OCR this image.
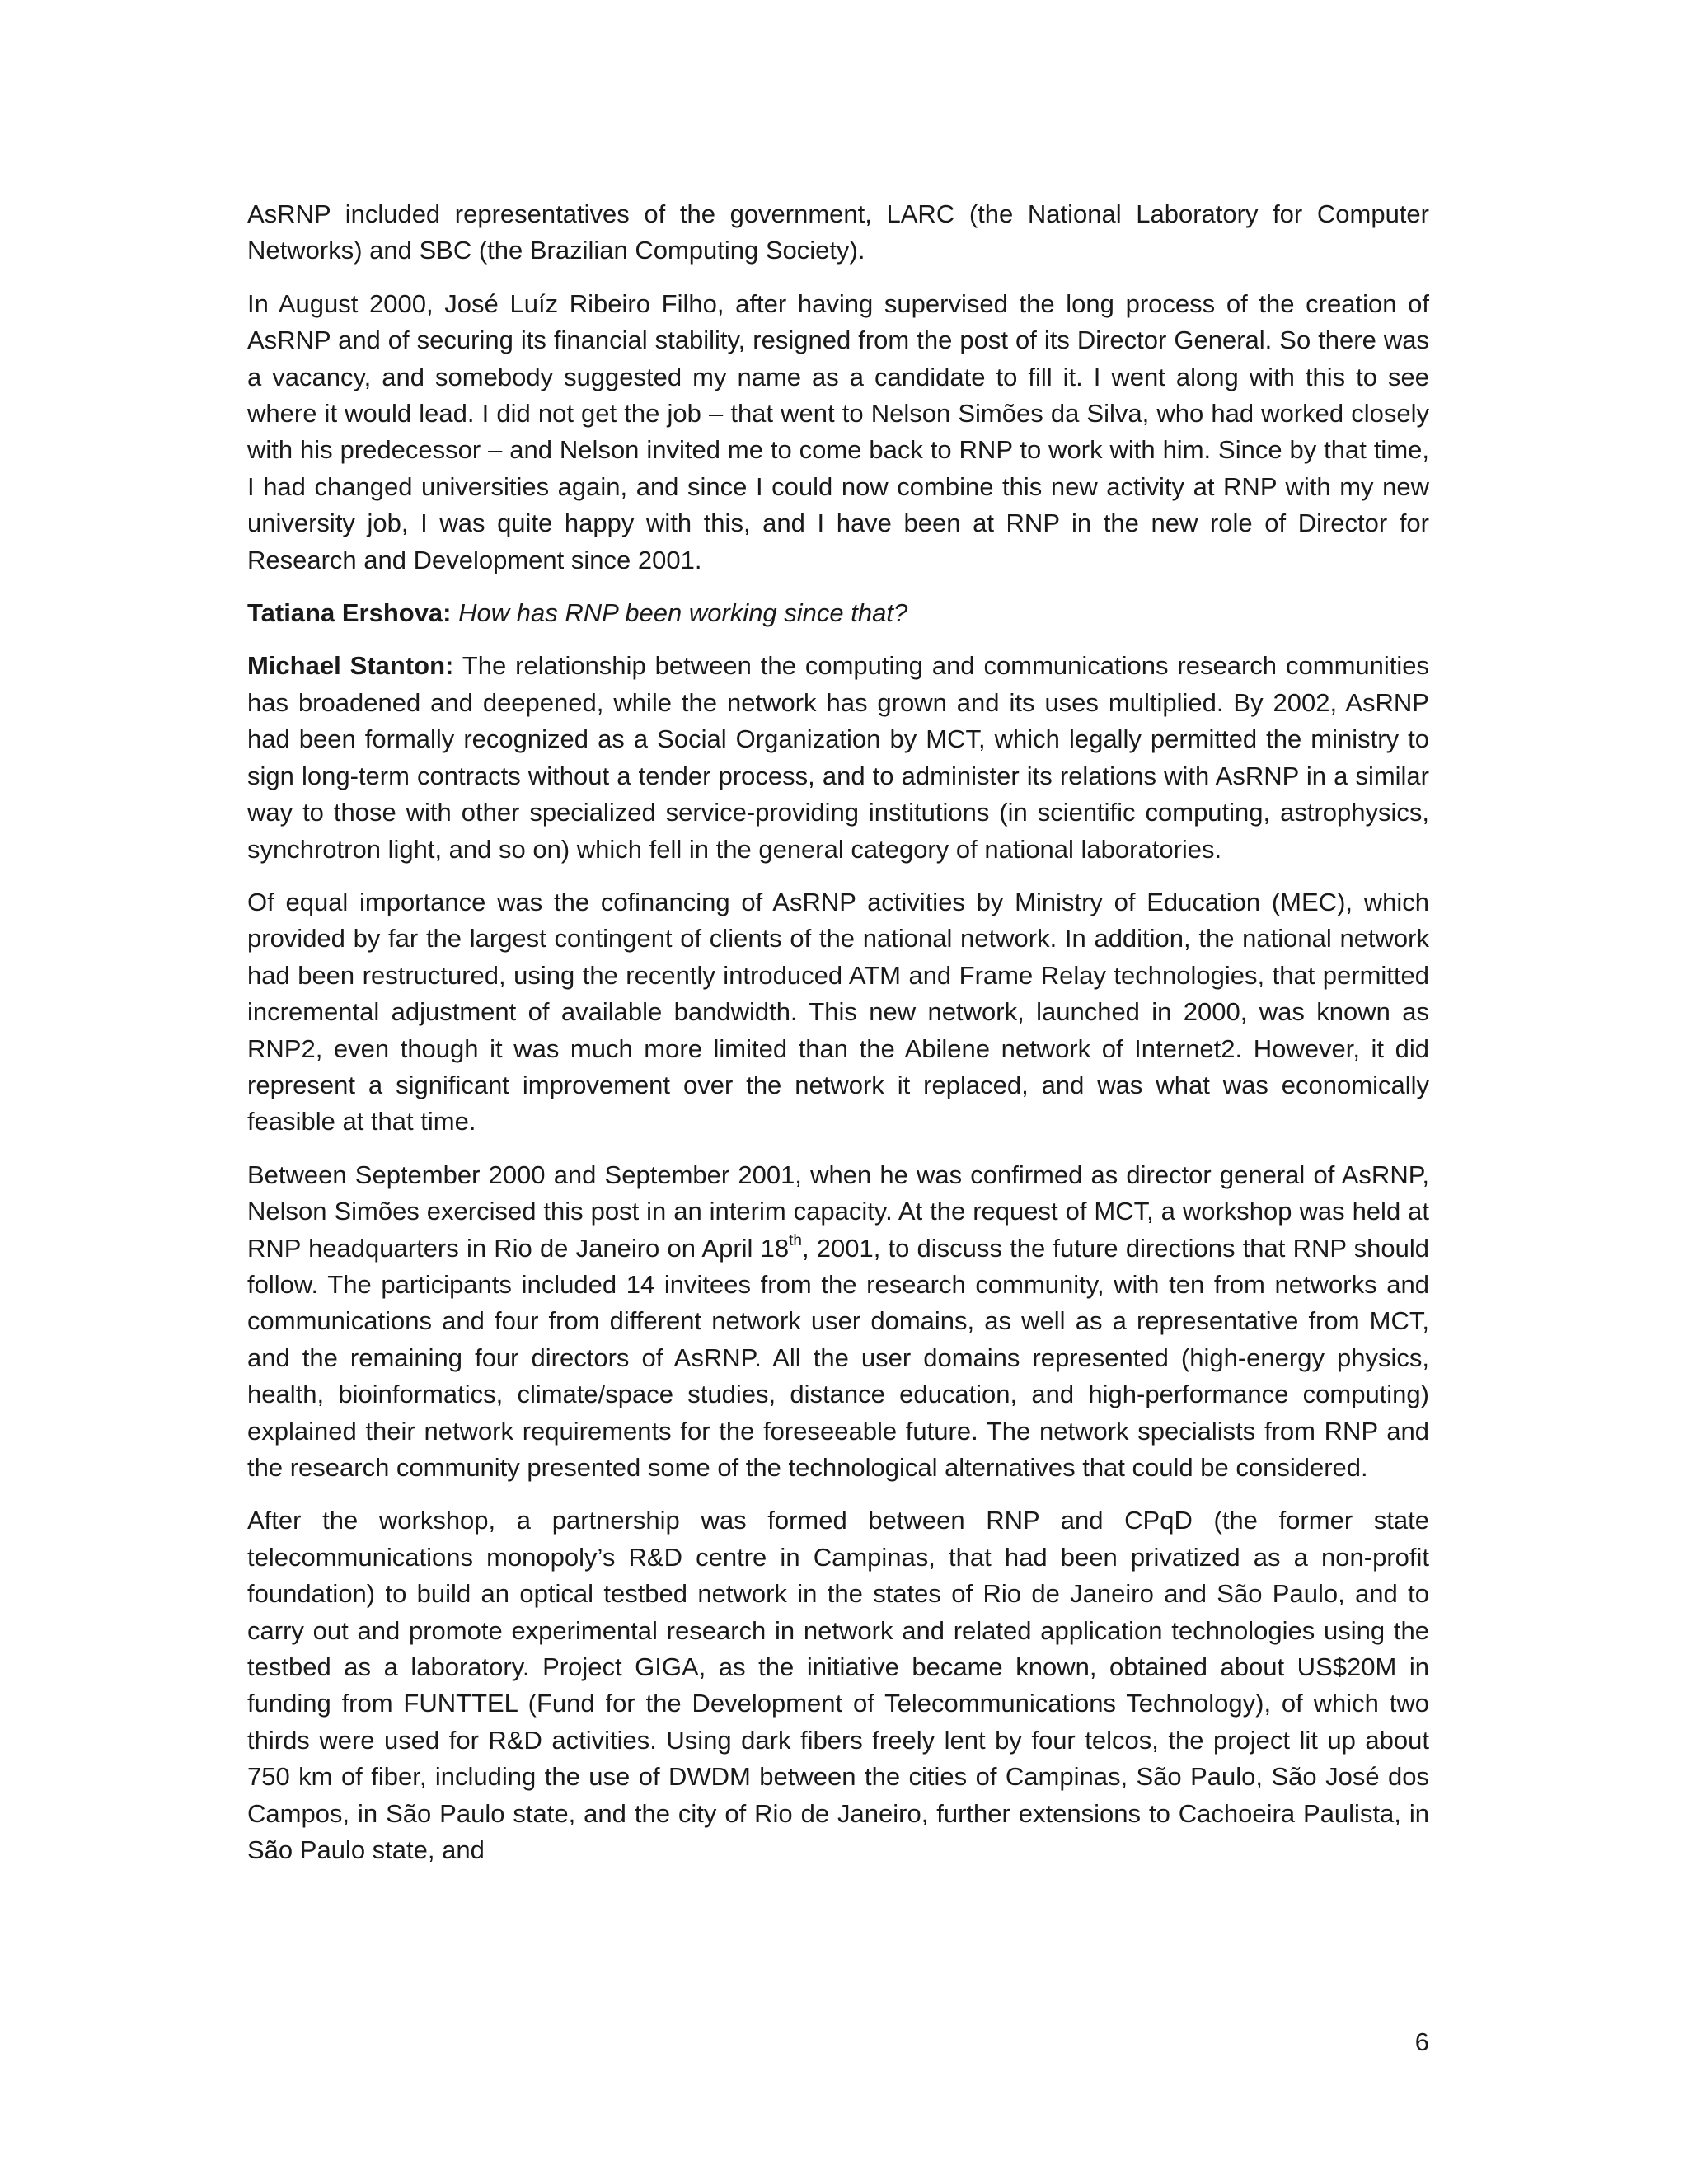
AsRNP included representatives of the government, LARC (the National Laboratory for Computer Networks) and SBC (the Brazilian Computing Society).

In August 2000, José Luíz Ribeiro Filho, after having supervised the long process of the creation of AsRNP and of securing its financial stability, resigned from the post of its Director General. So there was a vacancy, and somebody suggested my name as a candidate to fill it. I went along with this to see where it would lead. I did not get the job – that went to Nelson Simões da Silva, who had worked closely with his predecessor – and Nelson invited me to come back to RNP to work with him. Since by that time, I had changed universities again, and since I could now combine this new activity at RNP with my new university job, I was quite happy with this, and I have been at RNP in the new role of Director for Research and Development since 2001.

Tatiana Ershova: How has RNP been working since that?

Michael Stanton: The relationship between the computing and communications research communities has broadened and deepened, while the network has grown and its uses multiplied. By 2002, AsRNP had been formally recognized as a Social Organization by MCT, which legally permitted the ministry to sign long-term contracts without a tender process, and to administer its relations with AsRNP in a similar way to those with other specialized service-providing institutions (in scientific computing, astrophysics, synchrotron light, and so on) which fell in the general category of national laboratories.

Of equal importance was the cofinancing of AsRNP activities by Ministry of Education (MEC), which provided by far the largest contingent of clients of the national network. In addition, the national network had been restructured, using the recently introduced ATM and Frame Relay technologies, that permitted incremental adjustment of available bandwidth. This new network, launched in 2000, was known as RNP2, even though it was much more limited than the Abilene network of Internet2. However, it did represent a significant improvement over the network it replaced, and was what was economically feasible at that time.

Between September 2000 and September 2001, when he was confirmed as director general of AsRNP, Nelson Simões exercised this post in an interim capacity. At the request of MCT, a workshop was held at RNP headquarters in Rio de Janeiro on April 18th, 2001, to discuss the future directions that RNP should follow. The participants included 14 invitees from the research community, with ten from networks and communications and four from different network user domains, as well as a representative from MCT, and the remaining four directors of AsRNP. All the user domains represented (high-energy physics, health, bioinformatics, climate/space studies, distance education, and high-performance computing) explained their network requirements for the foreseeable future. The network specialists from RNP and the research community presented some of the technological alternatives that could be considered.

After the workshop, a partnership was formed between RNP and CPqD (the former state telecommunications monopoly’s R&D centre in Campinas, that had been privatized as a non-profit foundation) to build an optical testbed network in the states of Rio de Janeiro and São Paulo, and to carry out and promote experimental research in network and related application technologies using the testbed as a laboratory. Project GIGA, as the initiative became known, obtained about US$20M in funding from FUNTTEL (Fund for the Development of Telecommunications Technology), of which two thirds were used for R&D activities. Using dark fibers freely lent by four telcos, the project lit up about 750 km of fiber, including the use of DWDM between the cities of Campinas, São Paulo, São José dos Campos, in São Paulo state, and the city of Rio de Janeiro, further extensions to Cachoeira Paulista, in São Paulo state, and

6
